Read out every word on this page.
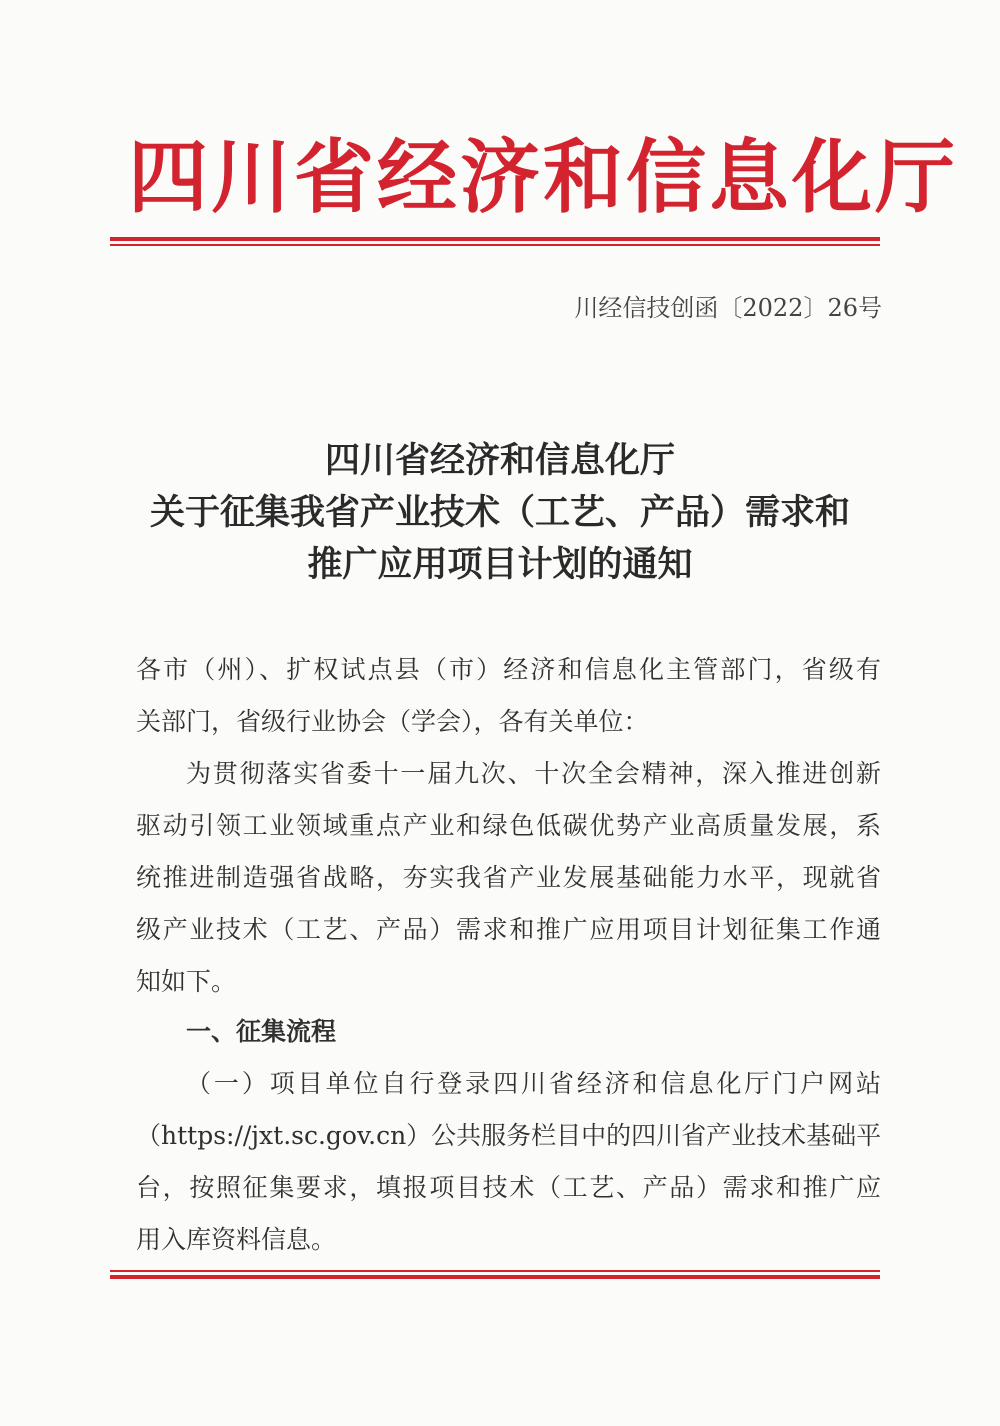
四川省经济和信息化厅
川经信技创函〔2022〕26号
四川省经济和信息化厅
关于征集我省产业技术（工艺、产品）需求和
推广应用项目计划的通知
各市（州）、扩权试点县（市）经济和信息化主管部门，省级有
关部门，省级行业协会（学会），各有关单位：
为贯彻落实省委十一届九次、十次全会精神，深入推进创新
驱动引领工业领域重点产业和绿色低碳优势产业高质量发展，系
统推进制造强省战略，夯实我省产业发展基础能力水平，现就省
级产业技术（工艺、产品）需求和推广应用项目计划征集工作通
知如下。
一、征集流程
（一）项目单位自行登录四川省经济和信息化厅门户网站
（https://jxt.sc.gov.cn）公共服务栏目中的四川省产业技术基础平
台，按照征集要求，填报项目技术（工艺、产品）需求和推广应
用入库资料信息。
